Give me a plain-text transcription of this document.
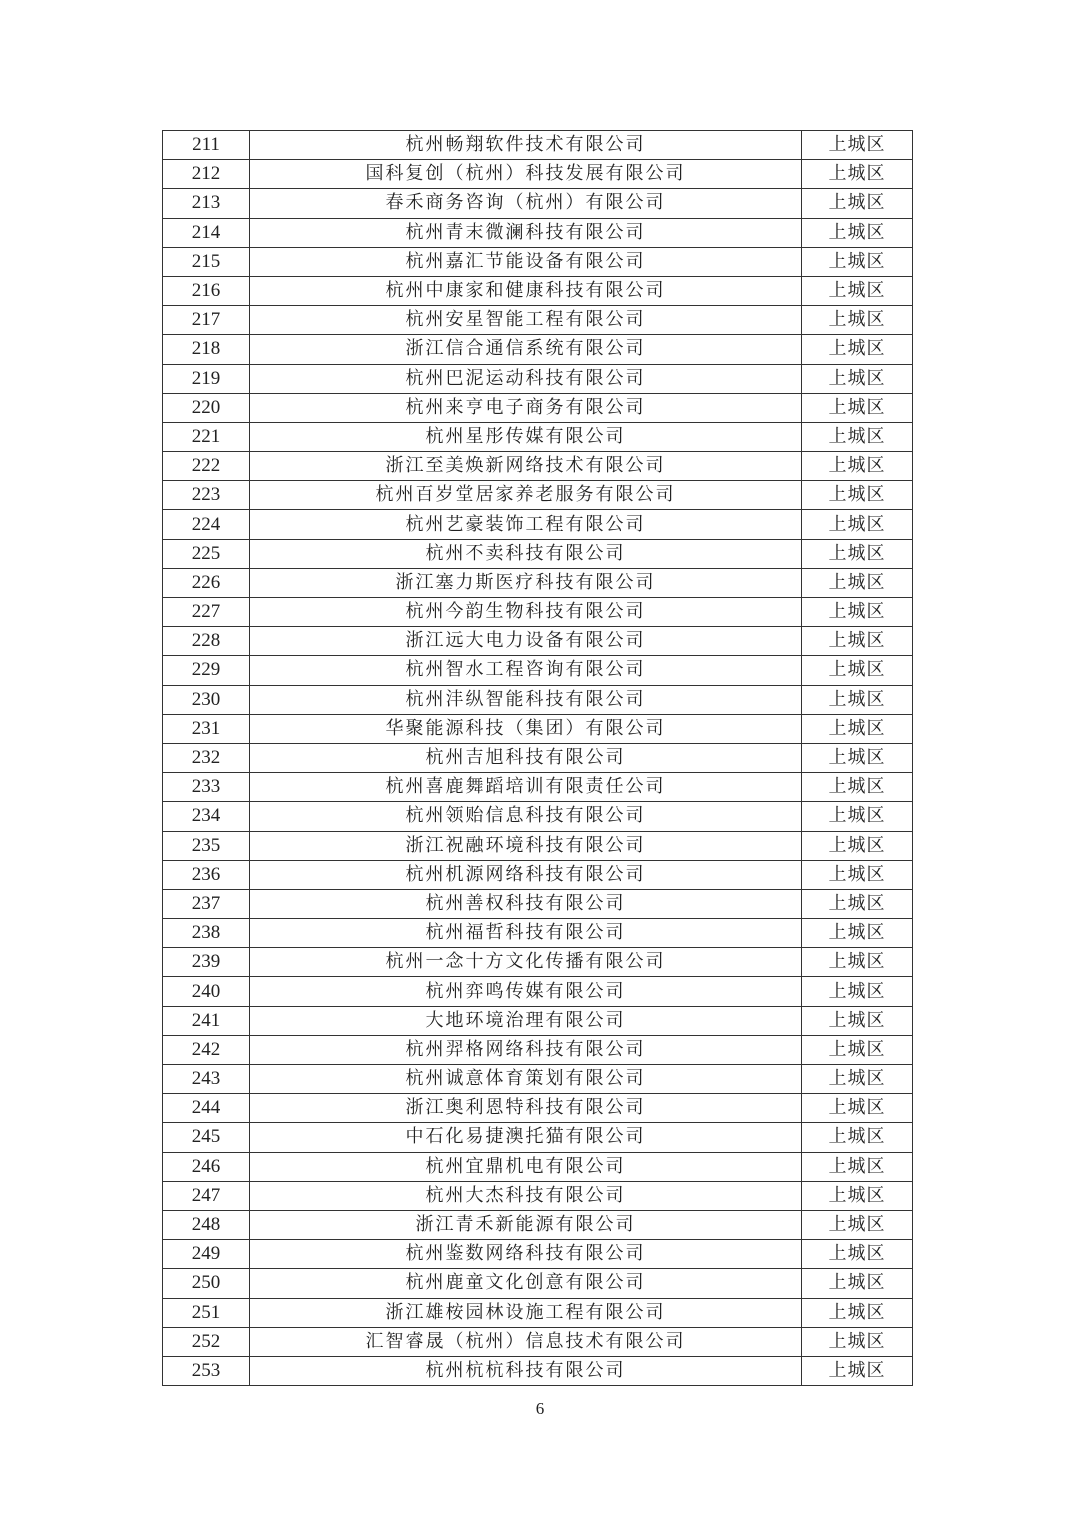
211	杭州畅翔软件技术有限公司	上城区
212	国科复创（杭州）科技发展有限公司	上城区
213	春禾商务咨询（杭州）有限公司	上城区
214	杭州青末微澜科技有限公司	上城区
215	杭州嘉汇节能设备有限公司	上城区
216	杭州中康家和健康科技有限公司	上城区
217	杭州安星智能工程有限公司	上城区
218	浙江信合通信系统有限公司	上城区
219	杭州巴泥运动科技有限公司	上城区
220	杭州来亨电子商务有限公司	上城区
221	杭州星彤传媒有限公司	上城区
222	浙江至美焕新网络技术有限公司	上城区
223	杭州百岁堂居家养老服务有限公司	上城区
224	杭州艺豪装饰工程有限公司	上城区
225	杭州不卖科技有限公司	上城区
226	浙江塞力斯医疗科技有限公司	上城区
227	杭州今韵生物科技有限公司	上城区
228	浙江远大电力设备有限公司	上城区
229	杭州智水工程咨询有限公司	上城区
230	杭州沣纵智能科技有限公司	上城区
231	华聚能源科技（集团）有限公司	上城区
232	杭州吉旭科技有限公司	上城区
233	杭州喜鹿舞蹈培训有限责任公司	上城区
234	杭州领贻信息科技有限公司	上城区
235	浙江祝融环境科技有限公司	上城区
236	杭州机源网络科技有限公司	上城区
237	杭州善权科技有限公司	上城区
238	杭州福哲科技有限公司	上城区
239	杭州一念十方文化传播有限公司	上城区
240	杭州弈鸣传媒有限公司	上城区
241	大地环境治理有限公司	上城区
242	杭州羿格网络科技有限公司	上城区
243	杭州诚意体育策划有限公司	上城区
244	浙江奥利恩特科技有限公司	上城区
245	中石化易捷澳托猫有限公司	上城区
246	杭州宜鼎机电有限公司	上城区
247	杭州大杰科技有限公司	上城区
248	浙江青禾新能源有限公司	上城区
249	杭州鉴数网络科技有限公司	上城区
250	杭州鹿童文化创意有限公司	上城区
251	浙江雄桉园林设施工程有限公司	上城区
252	汇智睿晟（杭州）信息技术有限公司	上城区
253	杭州杭杭科技有限公司	上城区
6
